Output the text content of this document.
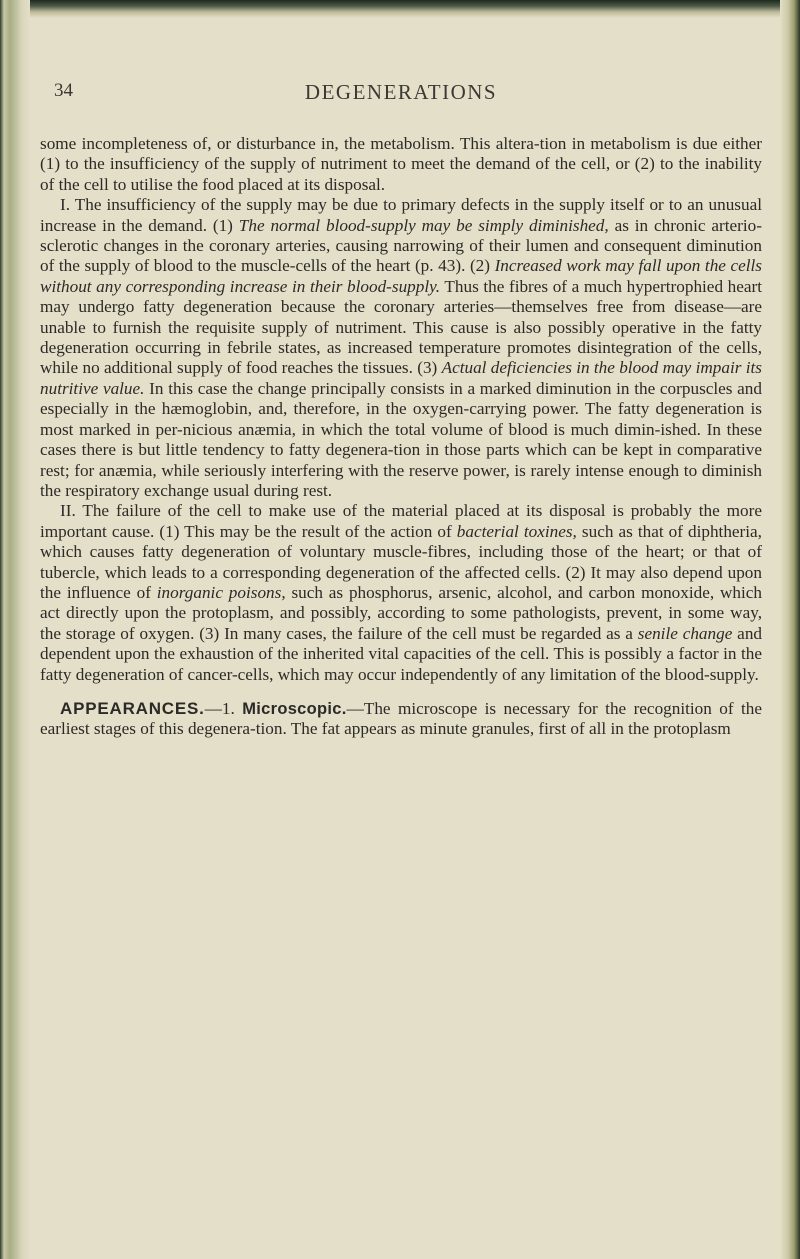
34	DEGENERATIONS

some incompleteness of, or disturbance in, the metabolism. This altera-tion in metabolism is due either (1) to the insufficiency of the supply of nutriment to meet the demand of the cell, or (2) to the inability of the cell to utilise the food placed at its disposal.

I. The insufficiency of the supply may be due to primary defects in the supply itself or to an unusual increase in the demand. (1) The normal blood-supply may be simply diminished, as in chronic arterio-sclerotic changes in the coronary arteries, causing narrowing of their lumen and consequent diminution of the supply of blood to the muscle-cells of the heart (p. 43). (2) Increased work may fall upon the cells without any corresponding increase in their blood-supply. Thus the fibres of a much hypertrophied heart may undergo fatty degeneration because the coronary arteries—themselves free from disease—are unable to furnish the requisite supply of nutriment. This cause is also possibly operative in the fatty degeneration occurring in febrile states, as increased temperature promotes disintegration of the cells, while no additional supply of food reaches the tissues. (3) Actual deficiencies in the blood may impair its nutritive value. In this case the change principally consists in a marked diminution in the corpuscles and especially in the hæmoglobin, and, therefore, in the oxygen-carrying power. The fatty degeneration is most marked in per-nicious anæmia, in which the total volume of blood is much dimin-ished. In these cases there is but little tendency to fatty degenera-tion in those parts which can be kept in comparative rest; for anæmia, while seriously interfering with the reserve power, is rarely intense enough to diminish the respiratory exchange usual during rest.

II. The failure of the cell to make use of the material placed at its disposal is probably the more important cause. (1) This may be the result of the action of bacterial toxines, such as that of diphtheria, which causes fatty degeneration of voluntary muscle-fibres, including those of the heart; or that of tubercle, which leads to a corresponding degeneration of the affected cells. (2) It may also depend upon the influence of inorganic poisons, such as phosphorus, arsenic, alcohol, and carbon monoxide, which act directly upon the protoplasm, and possibly, according to some pathologists, prevent, in some way, the storage of oxygen. (3) In many cases, the failure of the cell must be regarded as a senile change and dependent upon the exhaustion of the inherited vital capacities of the cell. This is possibly a factor in the fatty degeneration of cancer-cells, which may occur independently of any limitation of the blood-supply.

APPEARANCES.—1. Microscopic.—The microscope is necessary for the recognition of the earliest stages of this degenera-tion. The fat appears as minute granules, first of all in the protoplasm
